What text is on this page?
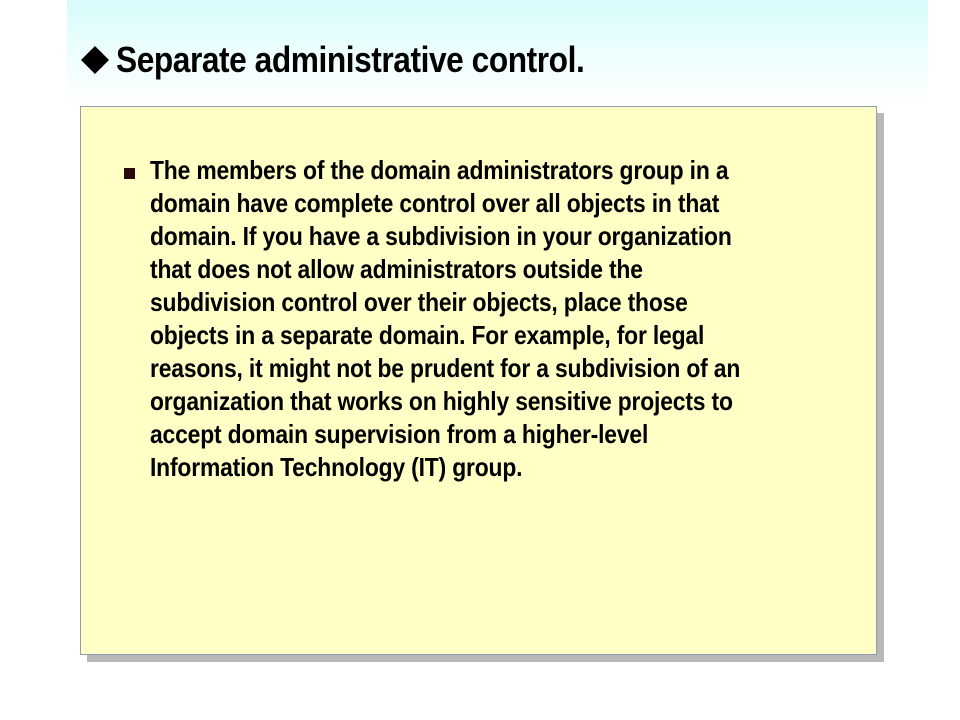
Separate administrative control.
The members of the domain administrators group in a domain have complete control over all objects in that domain. If you have a subdivision in your organization that does not allow administrators outside the subdivision control over their objects, place those objects in a separate domain. For example, for legal reasons, it might not be prudent for a subdivision of an organization that works on highly sensitive projects to accept domain supervision from a higher-level Information Technology (IT) group.
